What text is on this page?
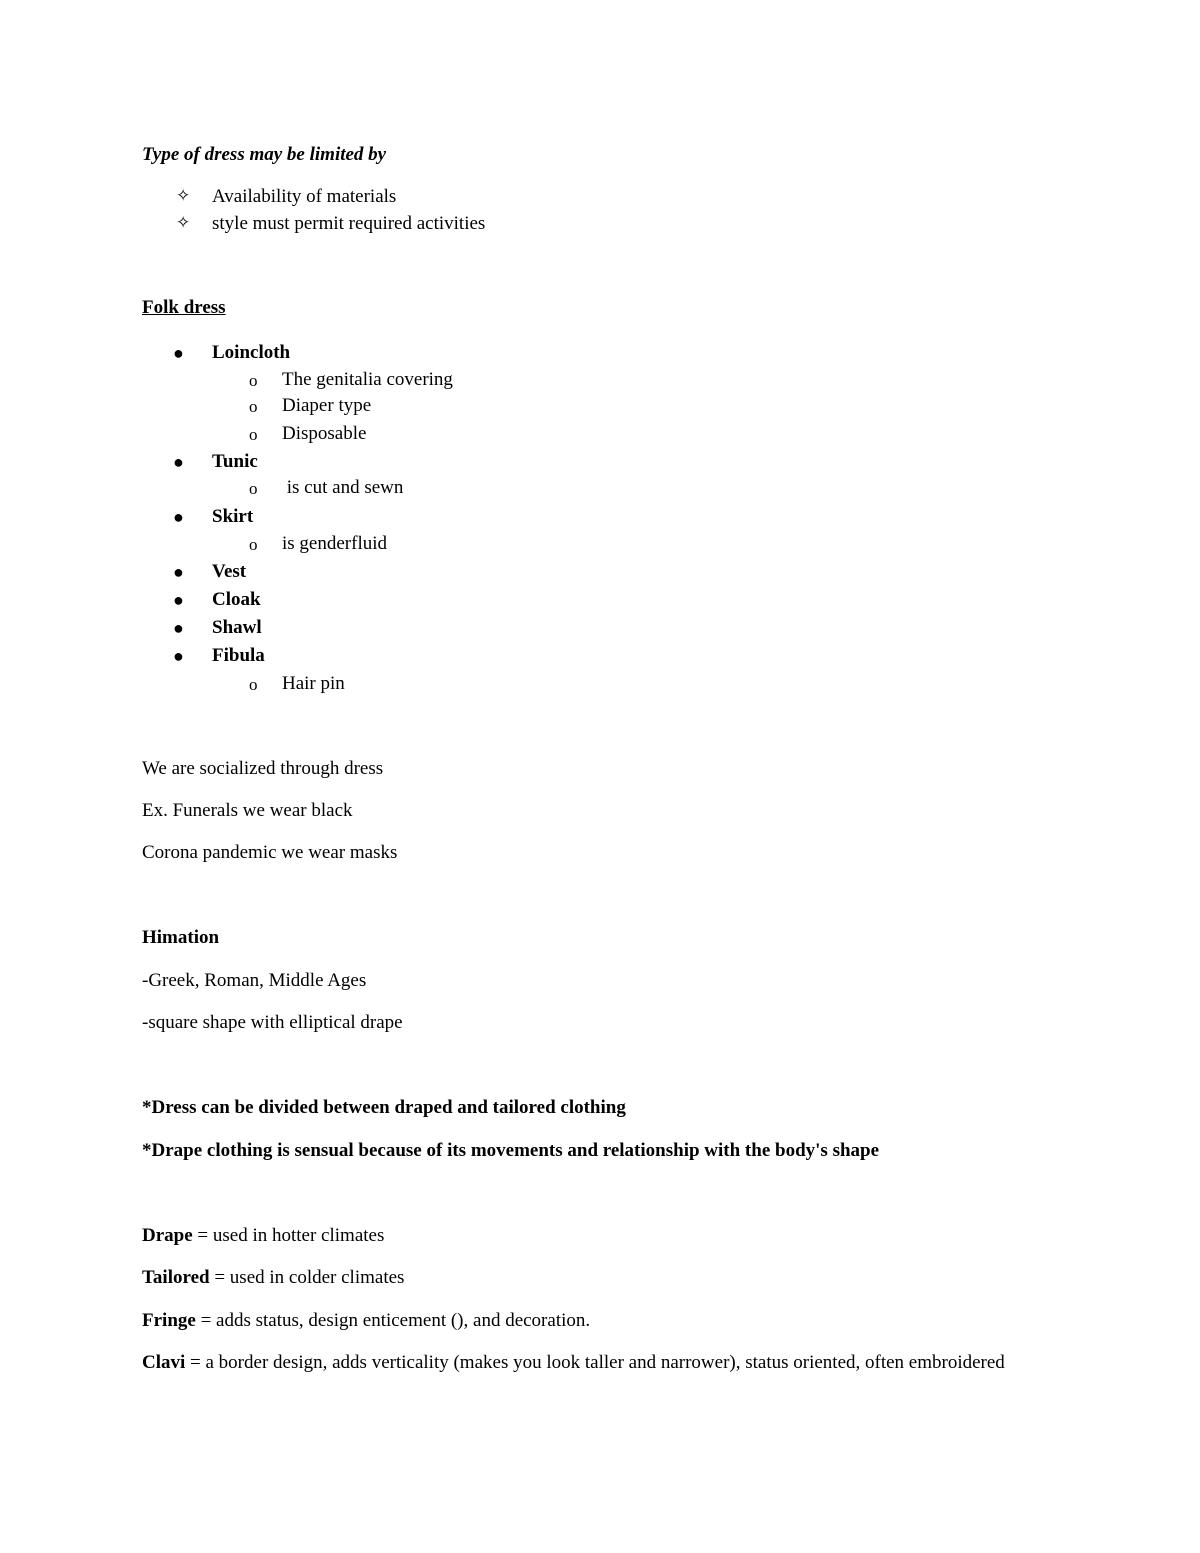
Type of dress may be limited by
✧ Availability of materials
✧ style must permit required activities
Folk dress
● Loincloth
o The genitalia covering
o Diaper type
o Disposable
● Tunic
o is cut and sewn
● Skirt
o is genderfluid
● Vest
● Cloak
● Shawl
● Fibula
o Hair pin
We are socialized through dress
Ex. Funerals we wear black
Corona pandemic we wear masks
Himation
-Greek, Roman, Middle Ages
-square shape with elliptical drape
*Dress can be divided between draped and tailored clothing
*Drape clothing is sensual because of its movements and relationship with the body's shape
Drape = used in hotter climates
Tailored = used in colder climates
Fringe = adds status, design enticement (), and decoration.
Clavi = a border design, adds verticality (makes you look taller and narrower), status oriented, often embroidered
